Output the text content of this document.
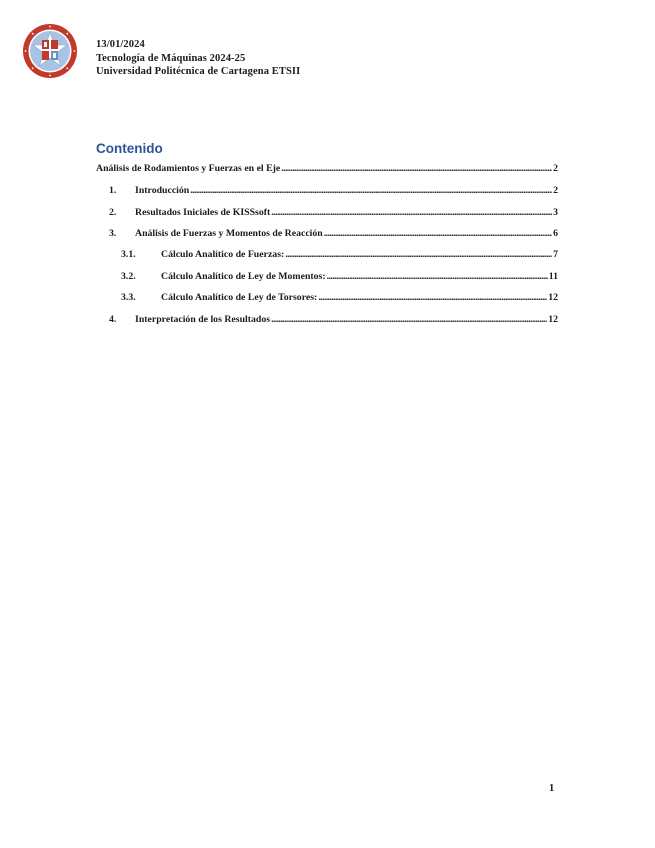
13/01/2024
Tecnología de Máquinas 2024-25
Universidad Politécnica de Cartagena ETSII
Contenido
Análisis de Rodamientos y Fuerzas en el Eje .....	2
1.	Introducción .....	2
2.	Resultados Iniciales de KISSsoft .....	3
3.	Análisis de Fuerzas y Momentos de Reacción .....	6
3.1.	Cálculo Analítico de Fuerzas: .....	7
3.2.	Cálculo Analítico de Ley de Momentos: .....	11
3.3.	Cálculo Analítico de Ley de Torsores: .....	12
4.	Interpretación de los Resultados .....	12
1
